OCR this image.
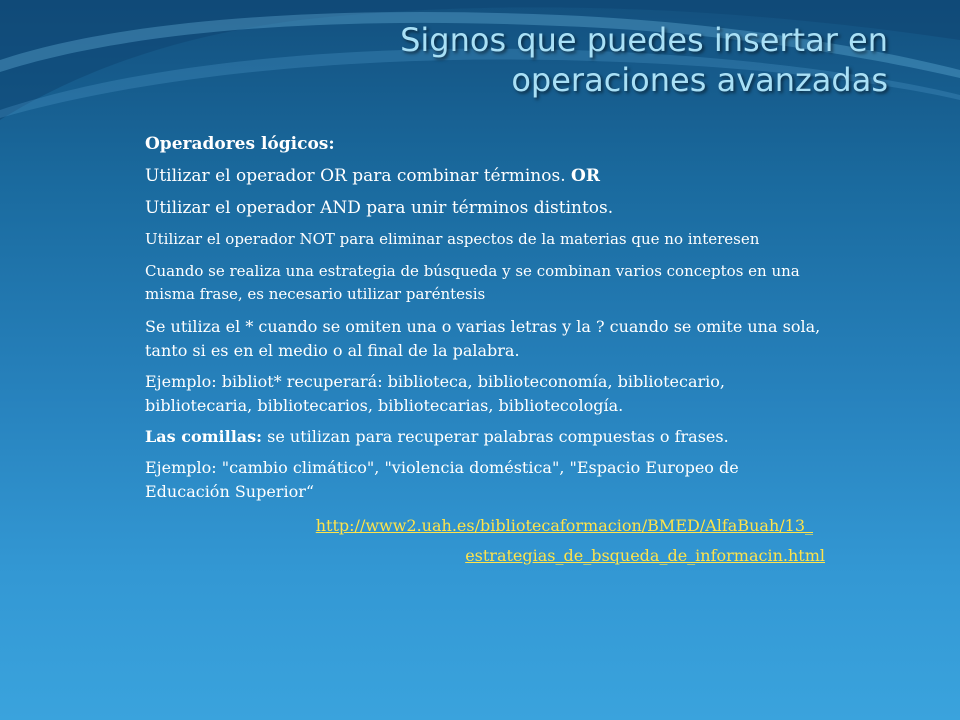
Signos que puedes insertar en
operaciones avanzadas

Operadores lógicos:

Utilizar el operador OR para combinar términos. OR

Utilizar el operador AND para unir términos distintos.

Utilizar el operador NOT para eliminar aspectos de la materias que no interesen

Cuando se realiza una estrategia de búsqueda y se combinan varios conceptos en una misma frase, es necesario utilizar paréntesis

Se utiliza el * cuando se omiten una o varias letras y la ? cuando se omite una sola, tanto si es en el medio o al final de la palabra.

Ejemplo: bibliot* recuperará: biblioteca, biblioteconomía, bibliotecario, bibliotecaria, bibliotecarios, bibliotecarias, bibliotecología.

Las comillas: se utilizan para recuperar palabras compuestas o frases.

Ejemplo: "cambio climático", "violencia doméstica", "Espacio Europeo de Educación Superior“

http://www2.uah.es/bibliotecaformacion/BMED/AlfaBuah/13_
estrategias_de_bsqueda_de_informacin.html
